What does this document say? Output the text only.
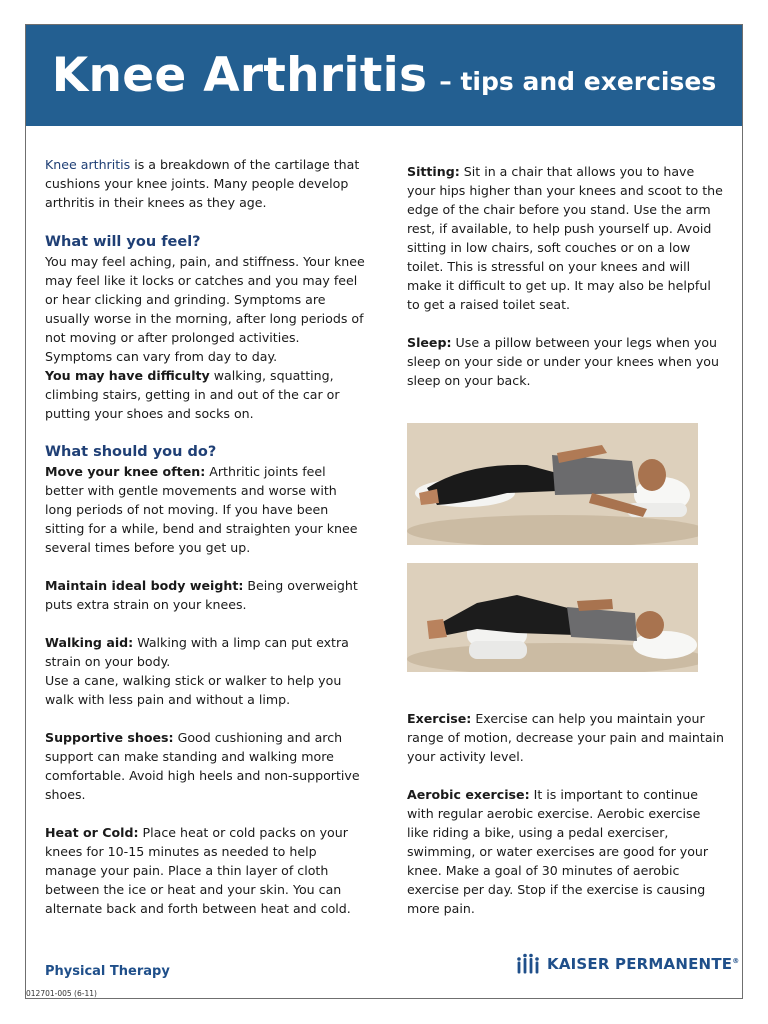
Knee Arthritis – tips and exercises

Knee arthritis is a breakdown of the cartilage that cushions your knee joints. Many people develop arthritis in their knees as they age.

What will you feel?

You may feel aching, pain, and stiffness. Your knee may feel like it locks or catches and you may feel or hear clicking and grinding. Symptoms are usually worse in the morning, after long periods of not moving or after prolonged activities. Symptoms can vary from day to day.

You may have difficulty walking, squatting, climbing stairs, getting in and out of the car or putting your shoes and socks on.

What should you do?

Move your knee often: Arthritic joints feel better with gentle movements and worse with long periods of not moving. If you have been sitting for a while, bend and straighten your knee several times before you get up.

Maintain ideal body weight: Being overweight puts extra strain on your knees.

Walking aid: Walking with a limp can put extra strain on your body.

Use a cane, walking stick or walker to help you walk with less pain and without a limp.

Supportive shoes: Good cushioning and arch support can make standing and walking more comfortable. Avoid high heels and non-supportive shoes.

Heat or Cold: Place heat or cold packs on your knees for 10-15 minutes as needed to help manage your pain. Place a thin layer of cloth between the ice or heat and your skin. You can alternate back and forth between heat and cold.

Sitting: Sit in a chair that allows you to have your hips higher than your knees and scoot to the edge of the chair before you stand. Use the arm rest, if available, to help push yourself up. Avoid sitting in low chairs, soft couches or on a low toilet. This is stressful on your knees and will make it difficult to get up. It may also be helpful to get a raised toilet seat.

Sleep: Use a pillow between your legs when you sleep on your side or under your knees when you sleep on your back.

Exercise: Exercise can help you maintain your range of motion, decrease your pain and maintain your activity level.

Aerobic exercise: It is important to continue with regular aerobic exercise. Aerobic exercise like riding a bike, using a pedal exerciser, swimming, or water exercises are good for your knee. Make a goal of 30 minutes of aerobic exercise per day. Stop if the exercise is causing more pain.

Physical Therapy
012701-005 (6-11)
KAISER PERMANENTE®
